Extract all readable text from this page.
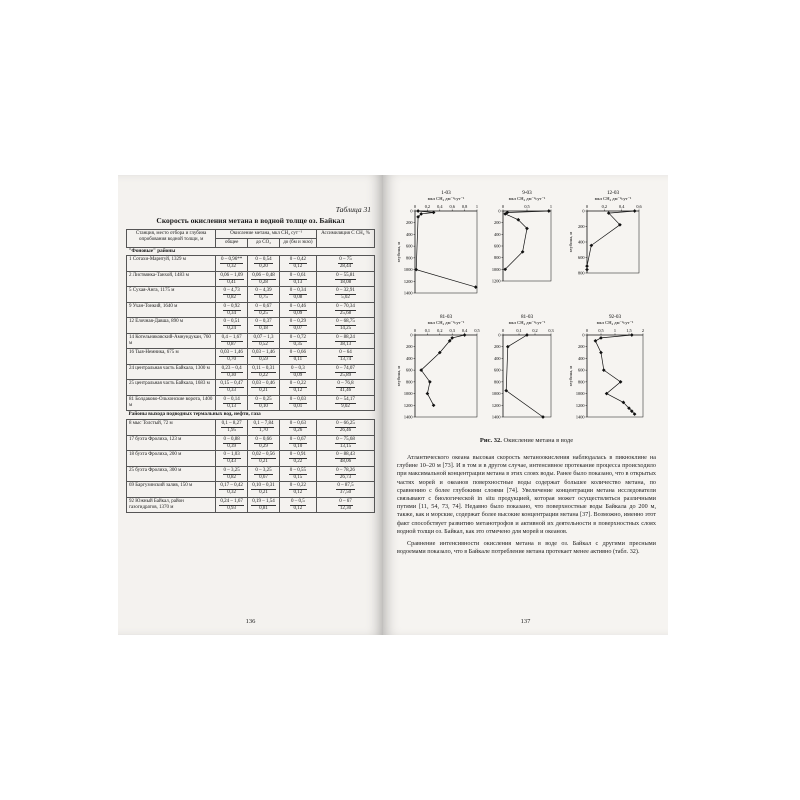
Таблица 31
Скорость окисления метана в водной толще оз. Байкал
Станция, место отбора и глубина опробования водной толщи, м	Окисление метана, мкл CH₄ сут⁻¹			Ассимиляция C CH₄ %
	общее	до CO₂	до (бм и экзо)	
"Фоновые" районы				
1 Сотахи-Марнтуй, 1329 м	$\frac{0 - 0,96**}{0,32}$	$\frac{0 - 0,54}{0,20}$	$\frac{0 - 0,42}{0,12}$	$\frac{0 - 75}{28,44}$

2 Листвянка-Танхой, 1483 м	$\frac{0,06 - 1,09}{0,41}$	$\frac{0,06 - 0,48}{0,28}$	$\frac{0 - 0,61}{0,13}$	$\frac{0 - 55,81}{18,08}$

5 Сухая-Анга, 1175 м	$\frac{0 - 4,73}{0,82}$	$\frac{0 - 4,39}{0,75}$	$\frac{0 - 0,34}{0,08}$	$\frac{0 - 32,91}{5,02}$

9 Ухан-Тонкий, 1640 м	$\frac{0 - 0,92}{0,34}$	$\frac{0 - 0,67}{0,25}$	$\frac{0 - 0,46}{0,09}$	$\frac{0 - 70,34}{25,68}$

12 Елочная-Давша, 890 м	$\frac{0 - 0,51}{0,24}$	$\frac{0 - 0,37}{0,18}$	$\frac{0 - 0,29}{0,07}$	$\frac{0 - 68,75}{14,25}$

14 Котельниковский-Амнундукан, 760 м	$\frac{0,4 - 1,67}{0,87}$	$\frac{0,07 - 1,3}{0,52}$	$\frac{0 - 0,72}{0,35}$	$\frac{0 - 88,24}{38,13}$

16 Тыя-Немника, 675 м	$\frac{0,03 - 1,46}{0,70}$	$\frac{0,03 - 1,46}{0,59}$	$\frac{0 - 0,66}{0,11}$	$\frac{0 - 64}{13,74}$

24 центральная часть Байкала, 1300 м	$\frac{0,23 - 0,4}{0,30}$	$\frac{0,11 - 0,31}{0,22}$	$\frac{0 - 0,3}{0,09}$	$\frac{0 - 74,07}{25,89}$

25 центральная часть Байкала, 1683 м	$\frac{0,15 - 0,47}{0,33}$	$\frac{0,03 - 0,46}{0,21}$	$\frac{0 - 0,22}{0,12}$	$\frac{0 - 76,8}{41,46}$

81 Болдаково-Ольхонские ворота, 1400 м	$\frac{0 - 0,14}{0,13}$	$\frac{0 - 0,25}{0,10}$	$\frac{0 - 0,03}{0,01}$	$\frac{0 - 54,17}{9,02}$

Районы выхода подводных термальных вод, нефти, газа				
8 мыс Толстый, 72 м	$\frac{0,1 - 8,27}{1,95}$	$\frac{0,1 - 7,84}{1,70}$	$\frac{0 - 0,63}{0,26}$	$\frac{0 - 66,25}{26,46}$

17 бухта Фролиха, 123 м	$\frac{0 - 0,88}{0,39}$	$\frac{0 - 0,66}{0,29}$	$\frac{0 - 0,67}{0,10}$	$\frac{0 - 75,68}{13,15}$

18 бухта Фролиха, 200 м	$\frac{0 - 1,03}{0,43}$	$\frac{0,02 - 0,56}{0,21}$	$\frac{0 - 0,91}{0,22}$	$\frac{0 - 88,43}{48,06}$

25 бухта Фролиха, 300 м	$\frac{0 - 3,25}{0,82}$	$\frac{0 - 3,25}{0,67}$	$\frac{0 - 0,55}{0,15}$	$\frac{0 - 78,26}{26,73}$

69 Баргузинский залив, 150 м	$\frac{0,17 - 0,42}{0,32}$	$\frac{0,10 - 0,31}{0,21}$	$\frac{0 - 0,22}{0,12}$	$\frac{0 - 87,5}{37,50}$

92 Южный Байкал, район газогидратов, 1370 м	$\frac{0,24 - 1,67}{0,93}$	$\frac{0,19 - 1,54}{0,81}$	$\frac{0 - 0,5}{0,12}$	$\frac{0 - 67}{12,30}$
136
1-03
мкл CH₄ дм⁻³сут⁻¹
0 0,2 0,4 0,6 0,8 1
0
200
400
600
800
1000
1200
1400
глубина, м
9-03
мкл CH₄ дм⁻³сут⁻¹
0	0,5	1
0
200
400
600
800
1000
1200
12-03
мкл CH₄ дм⁻³сут⁻¹
0	0,2	0,4	0,6
0
200
400
600
800
глубина, м
81-03
мкл CH₄ дм⁻³сут⁻¹
0 0,1 0,2 0,3 0,4 0,5
0
200
400
600
800
1000
1200
1400
глубина, м
81-03
мкл CH₄ дм⁻³сут⁻¹
0	0,1 0,2 0,3
0
200
400
600
800
1000
1200
1400
92-03
мкл CH₄ дм⁻³сут⁻¹
0 0,5 1 1,5 2
0
200
400
600
800
1000
1200
1400
глубина, м
Рис. 32. Окисление метана в воде

Атлантического океана высокая скорость метаноокисления наблюдалась в пикноклине на глубине 10–20 м [73]. И в том и в другом случае, интенсивное протекание процесса происходило при максимальной концентрации метана в этих слоях воды. Ранее было показано, что в открытых частях морей и океанов поверхностные воды содержат большее количество метана, по сравнению с более глубокими слоями [74]. Увеличение концентрации метана исследователи связывают с биологической in situ продукцией, которая может осуществляться различными путями [11, 54, 73, 74]. Недавно было показано, что поверхностные воды Байкала до 200 м, также, как и морские, содержат более высокие концентрации метана [37]. Возможно, именно этот факт способствует развитию метанотрофов и активной их деятельности в поверхностных слоях водной толщи оз. Байкал, как это отмечено для морей и океанов.

Сравнение интенсивности окисления метана в воде оз. Байкал с другими пресными водоемами показало, что в Байкале потребление метана протекает менее активно (табл. 32).

137
